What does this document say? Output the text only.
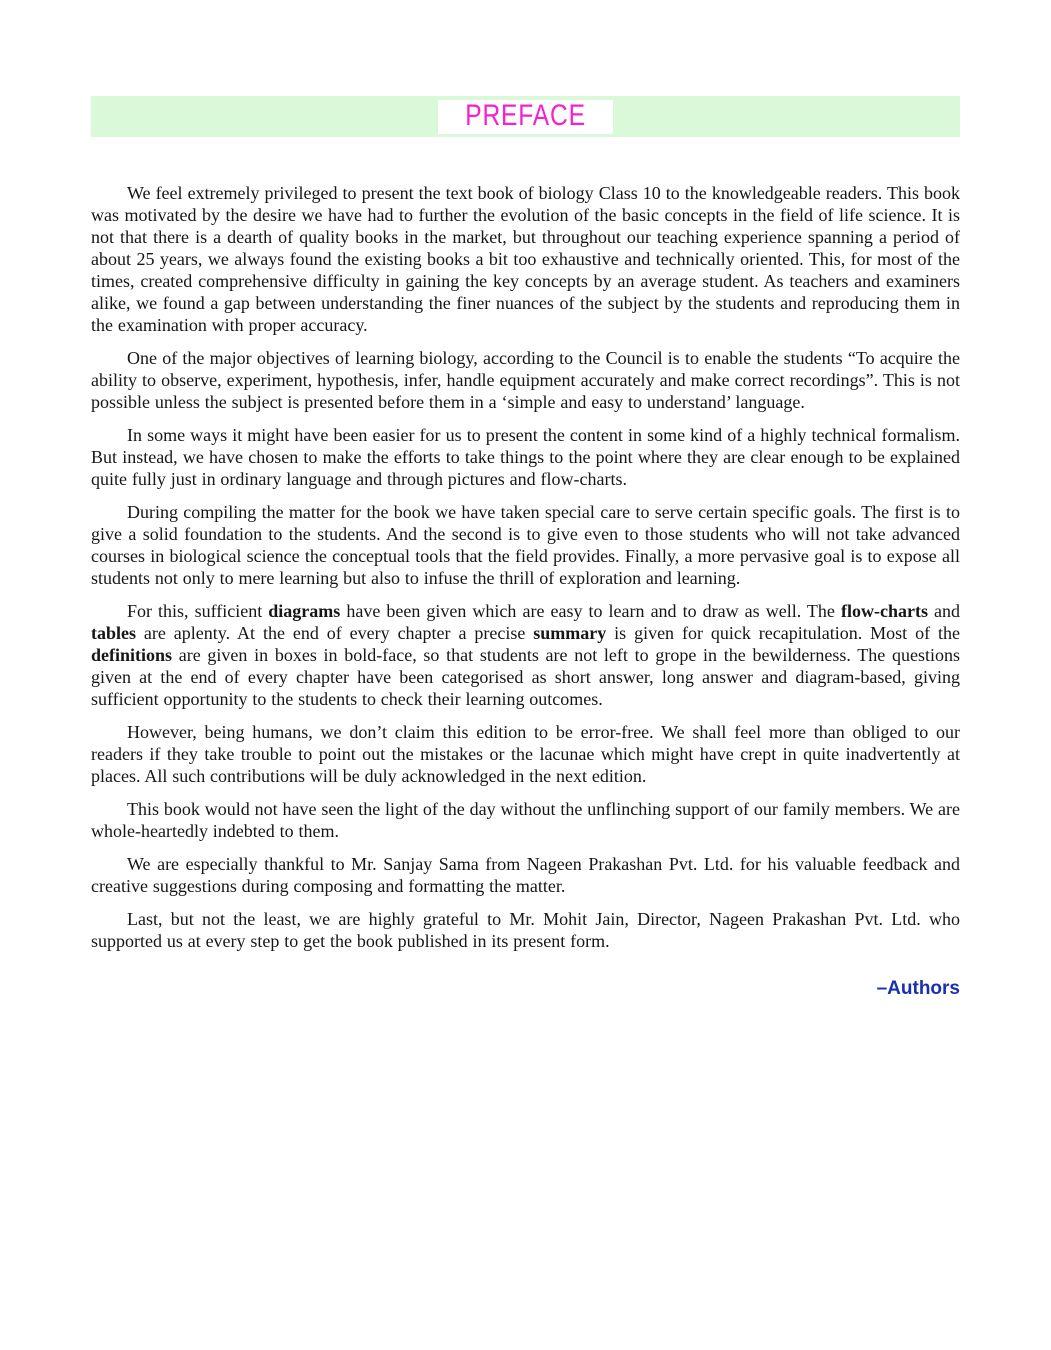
PREFACE

We feel extremely privileged to present the text book of biology Class 10 to the knowledgeable readers. This book was motivated by the desire we have had to further the evolution of the basic concepts in the field of life science. It is not that there is a dearth of quality books in the market, but throughout our teaching experience spanning a period of about 25 years, we always found the existing books a bit too exhaustive and technically oriented. This, for most of the times, created comprehensive difficulty in gaining the key concepts by an average student. As teachers and examiners alike, we found a gap between understanding the finer nuances of the subject by the students and reproducing them in the examination with proper accuracy.

One of the major objectives of learning biology, according to the Council is to enable the students “To acquire the ability to observe, experiment, hypothesis, infer, handle equipment accurately and make correct recordings”. This is not possible unless the subject is presented before them in a ‘simple and easy to understand’ language.

In some ways it might have been easier for us to present the content in some kind of a highly technical formalism. But instead, we have chosen to make the efforts to take things to the point where they are clear enough to be explained quite fully just in ordinary language and through pictures and flow-charts.

During compiling the matter for the book we have taken special care to serve certain specific goals. The first is to give a solid foundation to the students. And the second is to give even to those students who will not take advanced courses in biological science the conceptual tools that the field provides. Finally, a more pervasive goal is to expose all students not only to mere learning but also to infuse the thrill of exploration and learning.

For this, sufficient diagrams have been given which are easy to learn and to draw as well. The flow-charts and tables are aplenty. At the end of every chapter a precise summary is given for quick recapitulation. Most of the definitions are given in boxes in bold-face, so that students are not left to grope in the bewilderness. The questions given at the end of every chapter have been categorised as short answer, long answer and diagram-based, giving sufficient opportunity to the students to check their learning outcomes.

However, being humans, we don’t claim this edition to be error-free. We shall feel more than obliged to our readers if they take trouble to point out the mistakes or the lacunae which might have crept in quite inadvertently at places. All such contributions will be duly acknowledged in the next edition.

This book would not have seen the light of the day without the unflinching support of our family members. We are whole-heartedly indebted to them.

We are especially thankful to Mr. Sanjay Sama from Nageen Prakashan Pvt. Ltd. for his valuable feedback and creative suggestions during composing and formatting the matter.

Last, but not the least, we are highly grateful to Mr. Mohit Jain, Director, Nageen Prakashan Pvt. Ltd. who supported us at every step to get the book published in its present form.

–Authors
